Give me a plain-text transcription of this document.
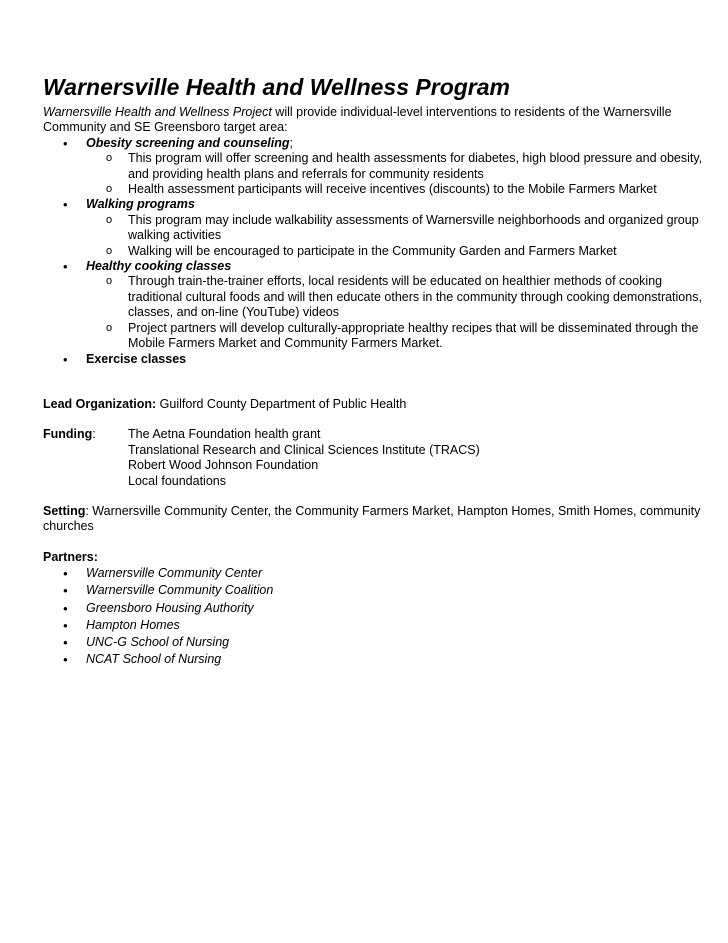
Warnersville Health and Wellness Program

Warnersville Health and Wellness Project will provide individual-level interventions to residents of the Warnersville Community and SE Greensboro target area:

• Obesity screening and counseling;
o This program will offer screening and health assessments for diabetes, high blood pressure and obesity, and providing health plans and referrals for community residents
o Health assessment participants will receive incentives (discounts) to the Mobile Farmers Market
• Walking programs
o This program may include walkability assessments of Warnersville neighborhoods and organized group walking activities
o Walking will be encouraged to participate in the Community Garden and Farmers Market
• Healthy cooking classes
o Through train-the-trainer efforts, local residents will be educated on healthier methods of cooking traditional cultural foods and will then educate others in the community through cooking demonstrations, classes, and on-line (YouTube) videos
o Project partners will develop culturally-appropriate healthy recipes that will be disseminated through the Mobile Farmers Market and Community Farmers Market.
• Exercise classes
Lead Organization: Guilford County Department of Public Health
Funding:	The Aetna Foundation health grant
Translational Research and Clinical Sciences Institute (TRACS)
Robert Wood Johnson Foundation
Local foundations
Setting: Warnersville Community Center, the Community Farmers Market, Hampton Homes, Smith Homes, community churches
Partners:
• Warnersville Community Center
• Warnersville Community Coalition
• Greensboro Housing Authority
• Hampton Homes
• UNC-G School of Nursing
• NCAT School of Nursing
